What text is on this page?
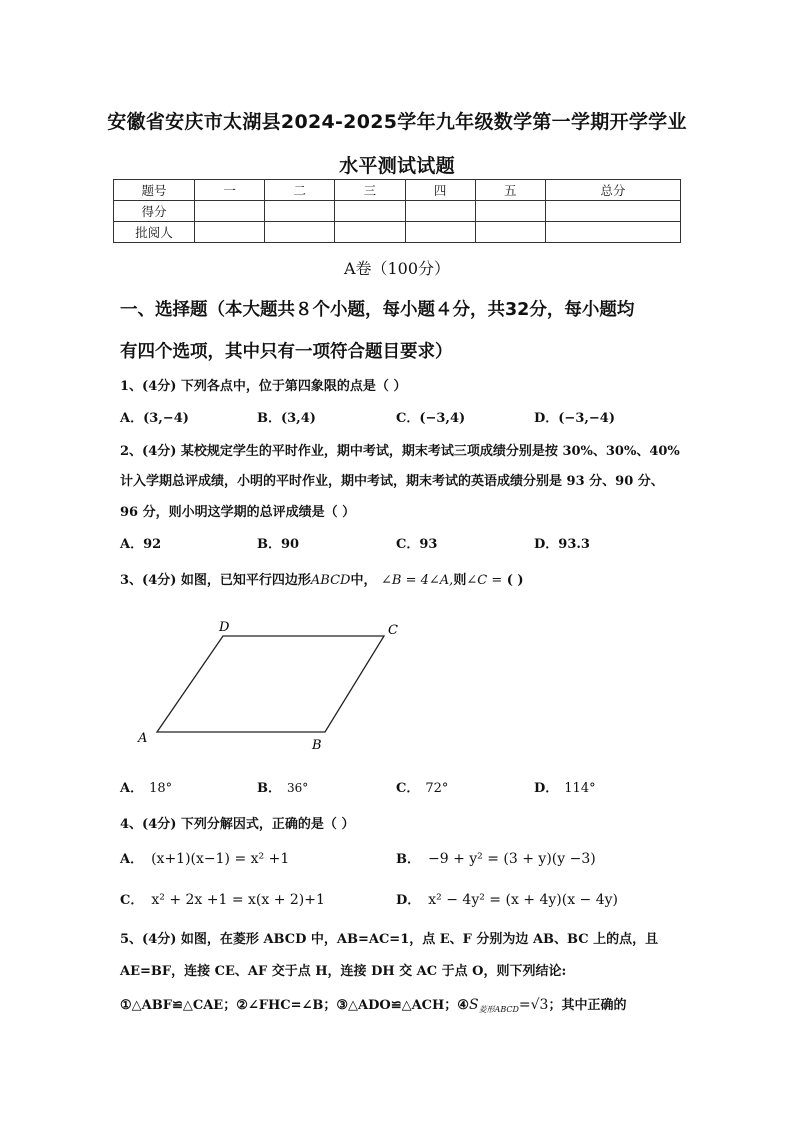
安徽省安庆市太湖县2024-2025学年九年级数学第一学期开学学业
水平测试试题
题号	一	二	三	四	五	总分
得分						
批阅人						
A卷（100分）
一、选择题（本大题共８个小题，每小题４分，共32分，每小题均
有四个选项，其中只有一项符合题目要求）
1、(4分) 下列各点中，位于第四象限的点是（ ）
A．(3,−4)	B．(3,4)	C．(−3,4)	D．(−3,−4)
2、(4分) 某校规定学生的平时作业，期中考试，期末考试三项成绩分别是按 30%、30%、40%
计入学期总评成绩，小明的平时作业，期中考试，期末考试的英语成绩分别是 93 分、90 分、
96 分，则小明这学期的总评成绩是（ ）
A．92	B．90	C．93	D．93.3
3、(4分) 如图，已知平行四边形ABCD中， ∠B = 4∠A,则∠C = ( )
A	B
C
D
A． 18°	B． 36°	C． 72°	D． 114°
4、(4分) 下列分解因式，正确的是（ ）
A． (x+1)(x−1) = x² +1	B． −9 + y² = (3 + y)(y −3)
C． x² + 2x +1 = x(x + 2)+1	D． x² − 4y² = (x + 4y)(x − 4y)
5、(4分) 如图，在菱形 ABCD 中，AB=AC=1，点 E、F 分别为边 AB、BC 上的点，且
AE=BF，连接 CE、AF 交于点 H，连接 DH 交 AC 于点 O，则下列结论:
①△ABF≌△CAE；②∠FHC=∠B；③△ADO≌△ACH；$④S_{菱形ABCD}=√3$；其中正确的
